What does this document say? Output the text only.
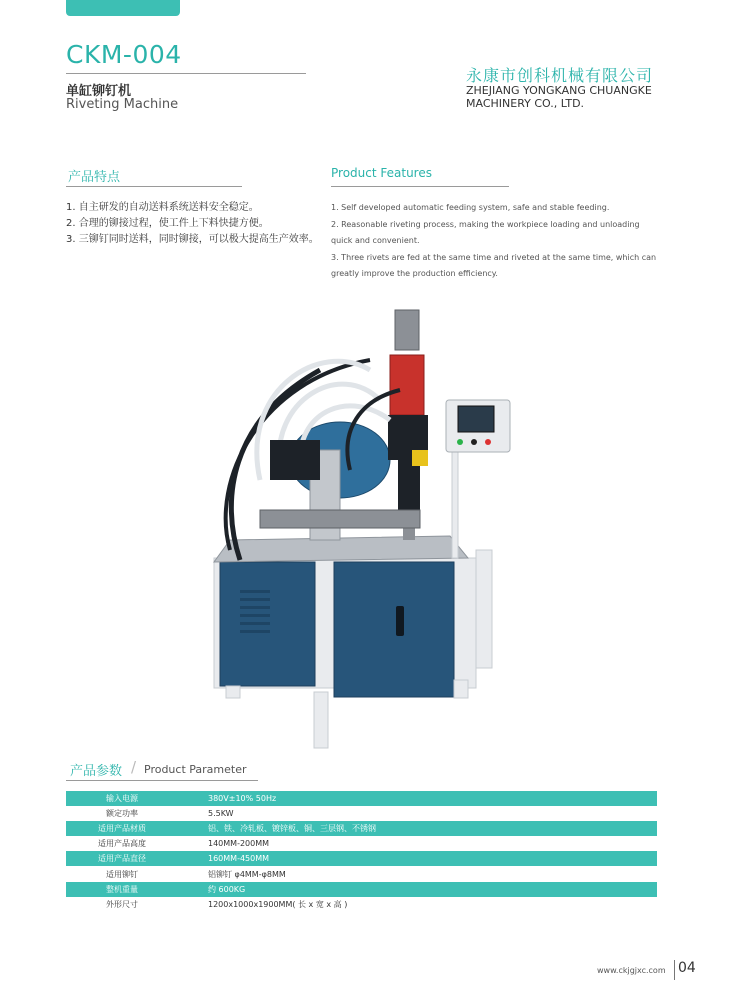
CKM-004
单缸铆钉机
Riveting Machine
永康市创科机械有限公司
ZHEJIANG YONGKANG CHUANGKE
MACHINERY CO., LTD.
产品特点
1. 自主研发的自动送料系统送料安全稳定。
2. 合理的铆接过程，使工件上下料快捷方便。
3. 三铆钉同时送料，同时铆接，可以极大提高生产效率。
Product Features
1. Self developed automatic feeding system, safe and stable feeding.
2. Reasonable riveting process, making the workpiece loading and unloading quick and convenient.
3. Three rivets are fed at the same time and riveted at the same time, which can greatly improve the production efficiency.
产品参数 / Product Parameter
输入电源	380V±10% 50Hz
额定功率	5.5KW
适用产品材质	铝、铁、冷轧板、镀锌板、铜、三层钢、不锈钢
适用产品高度	140MM-200MM
适用产品直径	160MM-450MM
适用铆钉	铝铆钉 φ4MM-φ8MM
整机重量	约 600KG
外形尺寸	1200x1000x1900MM( 长 x 宽 x 高 )
www.ckjgjxc.com 04
